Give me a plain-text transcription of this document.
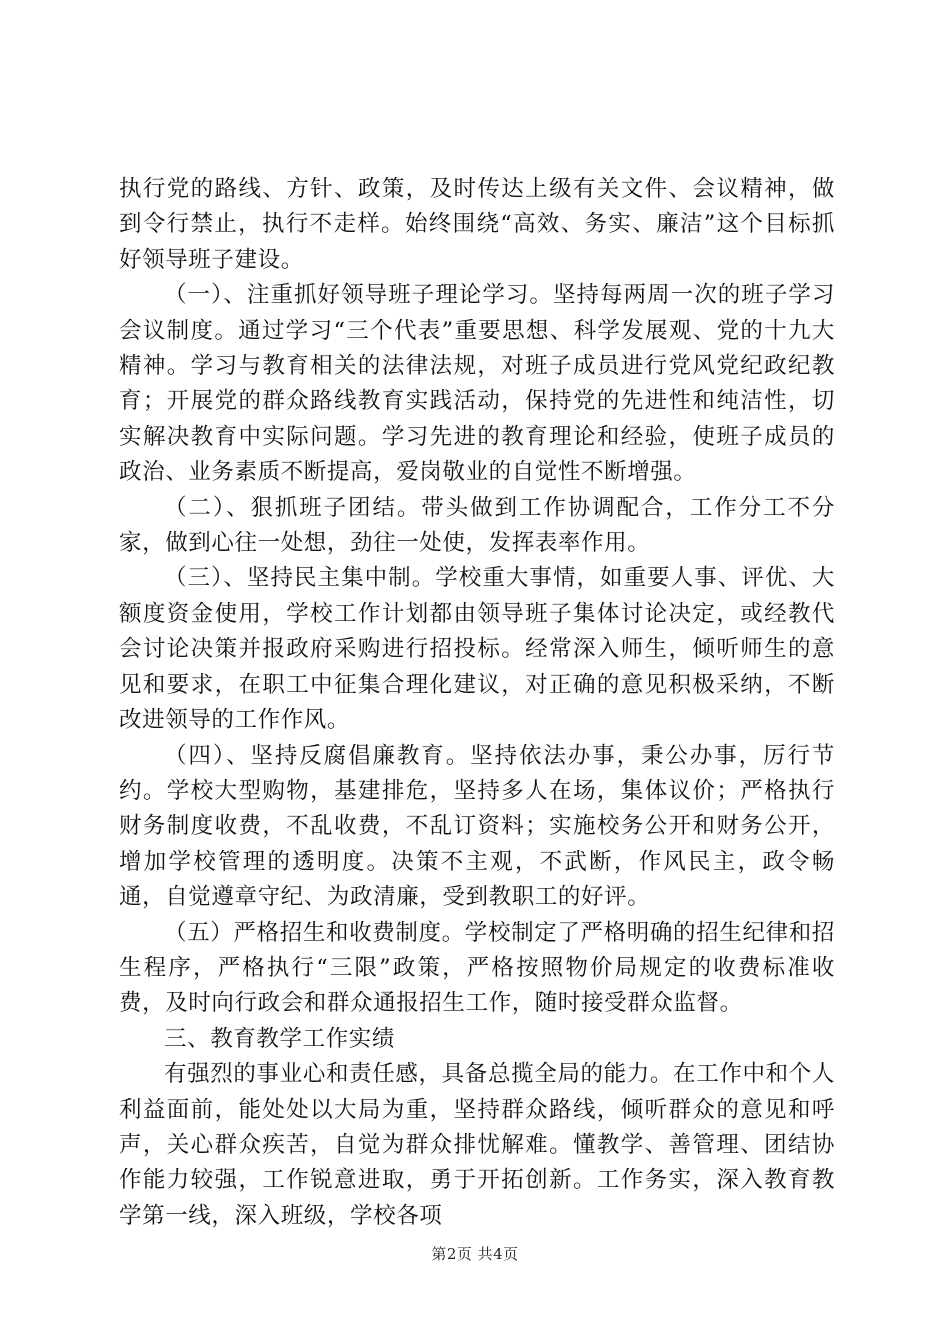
执行党的路线、方针、政策，及时传达上级有关文件、会议精神，做到令行禁止，执行不走样。始终围绕“高效、务实、廉洁”这个目标抓好领导班子建设。

（一）、注重抓好领导班子理论学习。坚持每两周一次的班子学习会议制度。通过学习“三个代表”重要思想、科学发展观、党的十九大精神。学习与教育相关的法律法规，对班子成员进行党风党纪政纪教育；开展党的群众路线教育实践活动，保持党的先进性和纯洁性，切实解决教育中实际问题。学习先进的教育理论和经验，使班子成员的政治、业务素质不断提高，爱岗敬业的自觉性不断增强。

（二）、狠抓班子团结。带头做到工作协调配合，工作分工不分家，做到心往一处想，劲往一处使，发挥表率作用。

（三）、坚持民主集中制。学校重大事情，如重要人事、评优、大额度资金使用，学校工作计划都由领导班子集体讨论决定，或经教代会讨论决策并报政府采购进行招投标。经常深入师生，倾听师生的意见和要求，在职工中征集合理化建议，对正确的意见积极采纳，不断改进领导的工作作风。

（四）、坚持反腐倡廉教育。坚持依法办事，秉公办事，厉行节约。学校大型购物，基建排危，坚持多人在场，集体议价；严格执行财务制度收费，不乱收费，不乱订资料；实施校务公开和财务公开，增加学校管理的透明度。决策不主观，不武断，作风民主，政令畅通，自觉遵章守纪、为政清廉，受到教职工的好评。

（五）严格招生和收费制度。学校制定了严格明确的招生纪律和招生程序，严格执行“三限”政策，严格按照物价局规定的收费标准收费，及时向行政会和群众通报招生工作，随时接受群众监督。

三、教育教学工作实绩

有强烈的事业心和责任感，具备总揽全局的能力。在工作中和个人利益面前，能处处以大局为重，坚持群众路线，倾听群众的意见和呼声，关心群众疾苦，自觉为群众排忧解难。懂教学、善管理、团结协作能力较强，工作锐意进取，勇于开拓创新。工作务实，深入教育教学第一线，深入班级，学校各项

第2页 共4页
